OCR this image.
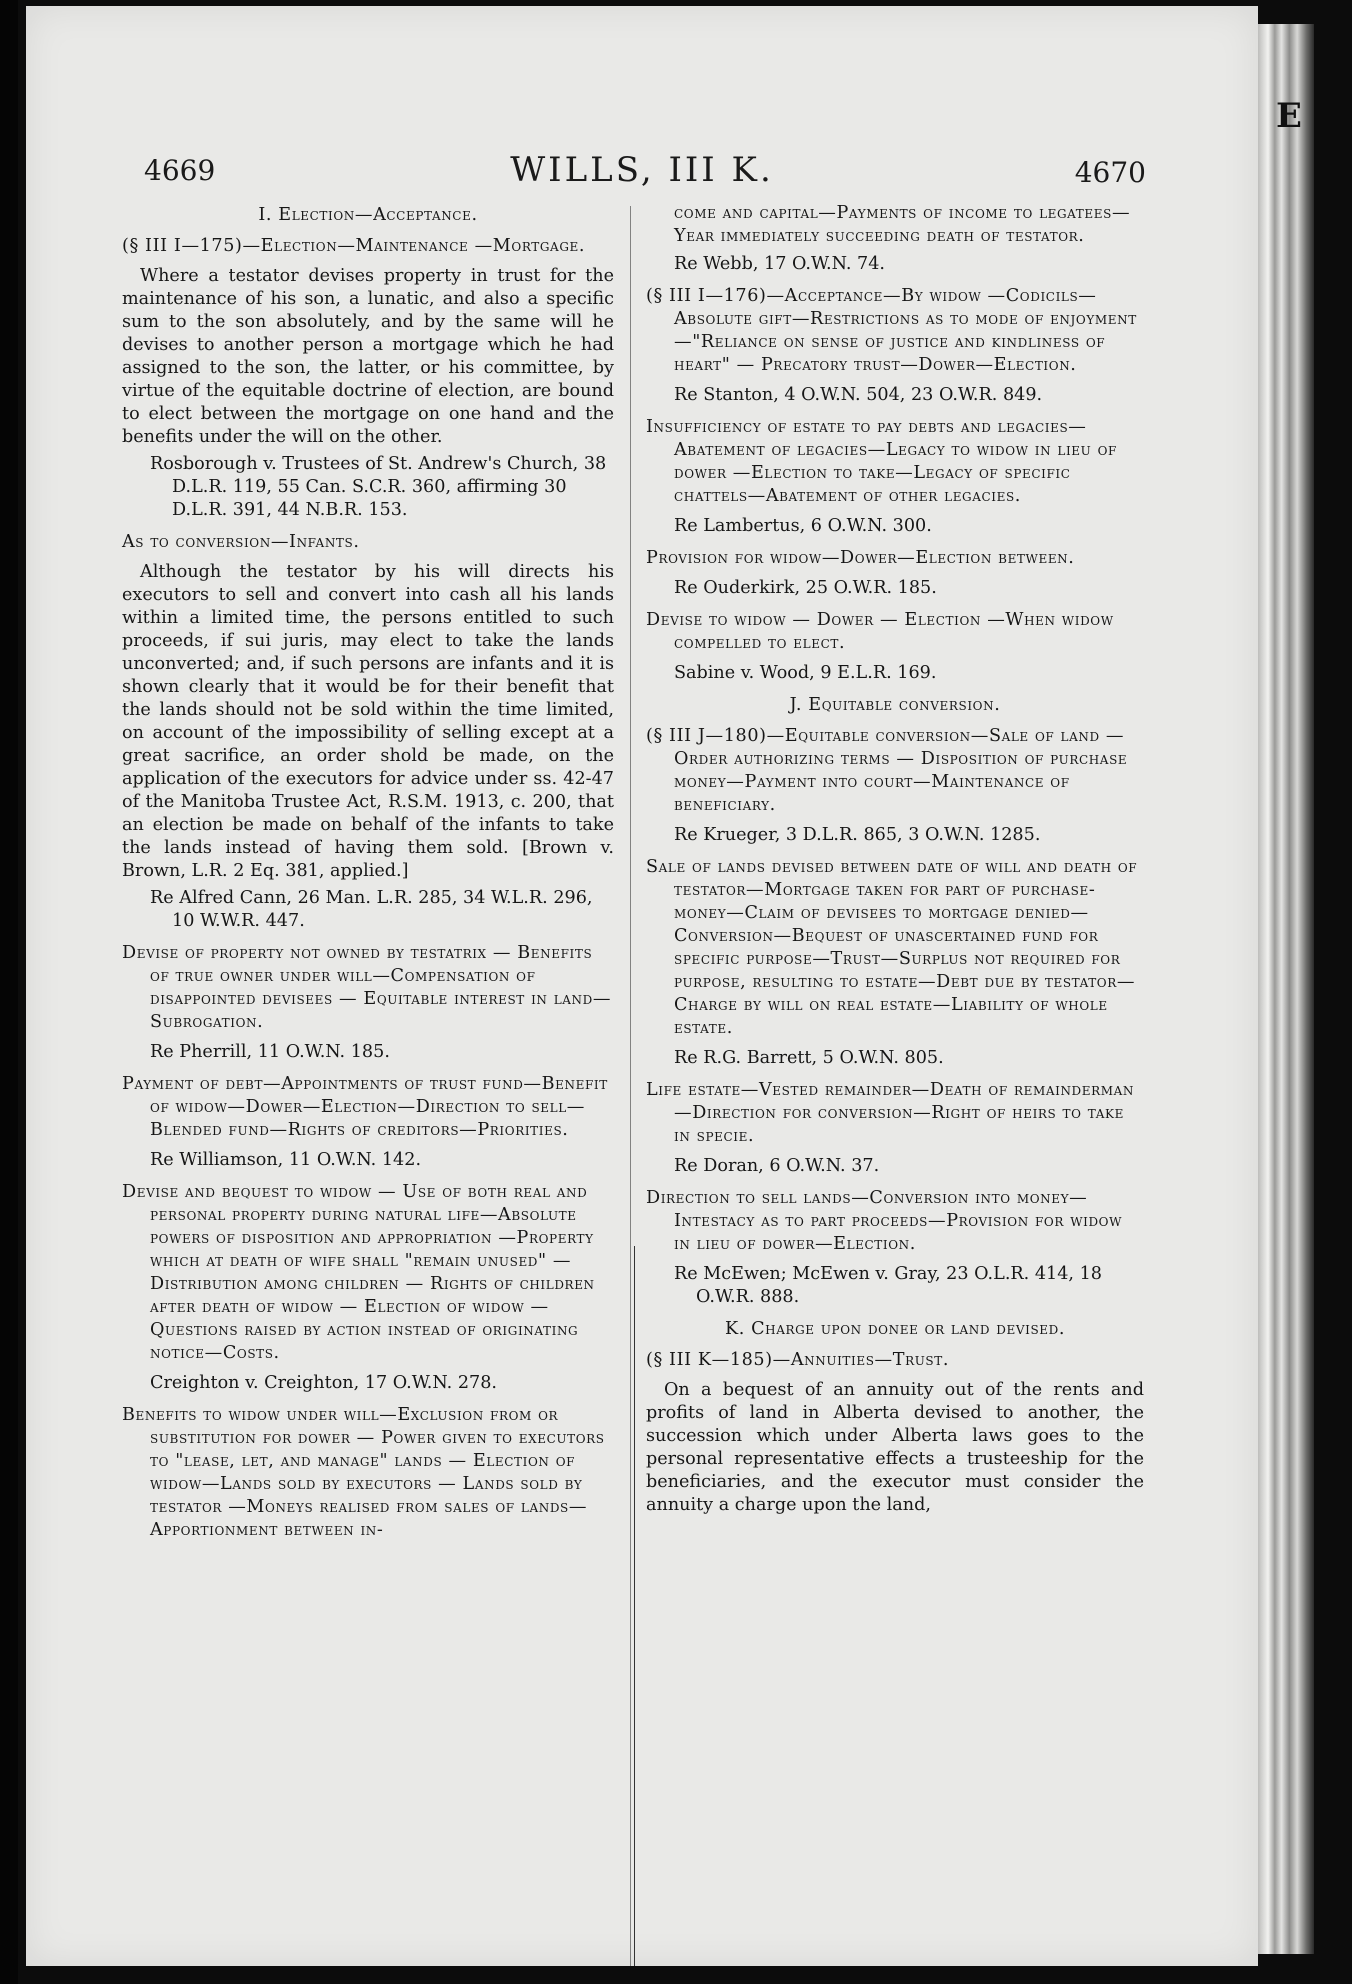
4669	WILLS, III K.	4670

I. Election—Acceptance.

(§ III I—175)—Election—Maintenance —Mortgage.

Where a testator devises property in trust for the maintenance of his son, a lunatic, and also a specific sum to the son absolutely, and by the same will he devises to another person a mortgage which he had assigned to the son, the latter, or his committee, by virtue of the equitable doctrine of election, are bound to elect between the mortgage on one hand and the benefits under the will on the other.

Rosborough v. Trustees of St. Andrew's Church, 38 D.L.R. 119, 55 Can. S.C.R. 360, affirming 30 D.L.R. 391, 44 N.B.R. 153.

As to conversion—Infants.

Although the testator by his will directs his executors to sell and convert into cash all his lands within a limited time, the persons entitled to such proceeds, if sui juris, may elect to take the lands unconverted; and, if such persons are infants and it is shown clearly that it would be for their benefit that the lands should not be sold within the time limited, on account of the impossibility of selling except at a great sacrifice, an order shold be made, on the application of the executors for advice under ss. 42-47 of the Manitoba Trustee Act, R.S.M. 1913, c. 200, that an election be made on behalf of the infants to take the lands instead of having them sold. [Brown v. Brown, L.R. 2 Eq. 381, applied.]

Re Alfred Cann, 26 Man. L.R. 285, 34 W.L.R. 296, 10 W.W.R. 447.

Devise of property not owned by testatrix — Benefits of true owner under will—Compensation of disappointed devisees — Equitable interest in land—Subrogation.

Re Pherrill, 11 O.W.N. 185.

Payment of debt—Appointments of trust fund—Benefit of widow—Dower—Election—Direction to sell—Blended fund—Rights of creditors—Priorities.

Re Williamson, 11 O.W.N. 142.

Devise and bequest to widow — Use of both real and personal property during natural life—Absolute powers of disposition and appropriation —Property which at death of wife shall "remain unused" — Distribution among children — Rights of children after death of widow — Election of widow — Questions raised by action instead of originating notice—Costs.

Creighton v. Creighton, 17 O.W.N. 278.

Benefits to widow under will—Exclusion from or substitution for dower — Power given to executors to "lease, let, and manage" lands — Election of widow—Lands sold by executors — Lands sold by testator —Moneys realised from sales of lands—Apportionment between in-

come and capital—Payments of income to legatees—Year immediately succeeding death of testator.

Re Webb, 17 O.W.N. 74.

(§ III I—176)—Acceptance—By widow —Codicils—Absolute gift—Restrictions as to mode of enjoyment—"Reliance on sense of justice and kindliness of heart" — Precatory trust—Dower—Election.

Re Stanton, 4 O.W.N. 504, 23 O.W.R. 849.

Insufficiency of estate to pay debts and legacies—Abatement of legacies—Legacy to widow in lieu of dower —Election to take—Legacy of specific chattels—Abatement of other legacies.

Re Lambertus, 6 O.W.N. 300.

Provision for widow—Dower—Election between.

Re Ouderkirk, 25 O.W.R. 185.

Devise to widow — Dower — Election —When widow compelled to elect.

Sabine v. Wood, 9 E.L.R. 169.

J. Equitable conversion.

(§ III J—180)—Equitable conversion—Sale of land — Order authorizing terms — Disposition of purchase money—Payment into court—Maintenance of beneficiary.

Re Krueger, 3 D.L.R. 865, 3 O.W.N. 1285.

Sale of lands devised between date of will and death of testator—Mortgage taken for part of purchase-money—Claim of devisees to mortgage denied—Conversion—Bequest of unascertained fund for specific purpose—Trust—Surplus not required for purpose, resulting to estate—Debt due by testator—Charge by will on real estate—Liability of whole estate.

Re R.G. Barrett, 5 O.W.N. 805.

Life estate—Vested remainder—Death of remainderman—Direction for conversion—Right of heirs to take in specie.

Re Doran, 6 O.W.N. 37.

Direction to sell lands—Conversion into money—Intestacy as to part proceeds—Provision for widow in lieu of dower—Election.

Re McEwen; McEwen v. Gray, 23 O.L.R. 414, 18 O.W.R. 888.

K. Charge upon donee or land devised.

(§ III K—185)—Annuities—Trust.

On a bequest of an annuity out of the rents and profits of land in Alberta devised to another, the succession which under Alberta laws goes to the personal representative effects a trusteeship for the beneficiaries, and the executor must consider the annuity a charge upon the land,

E
